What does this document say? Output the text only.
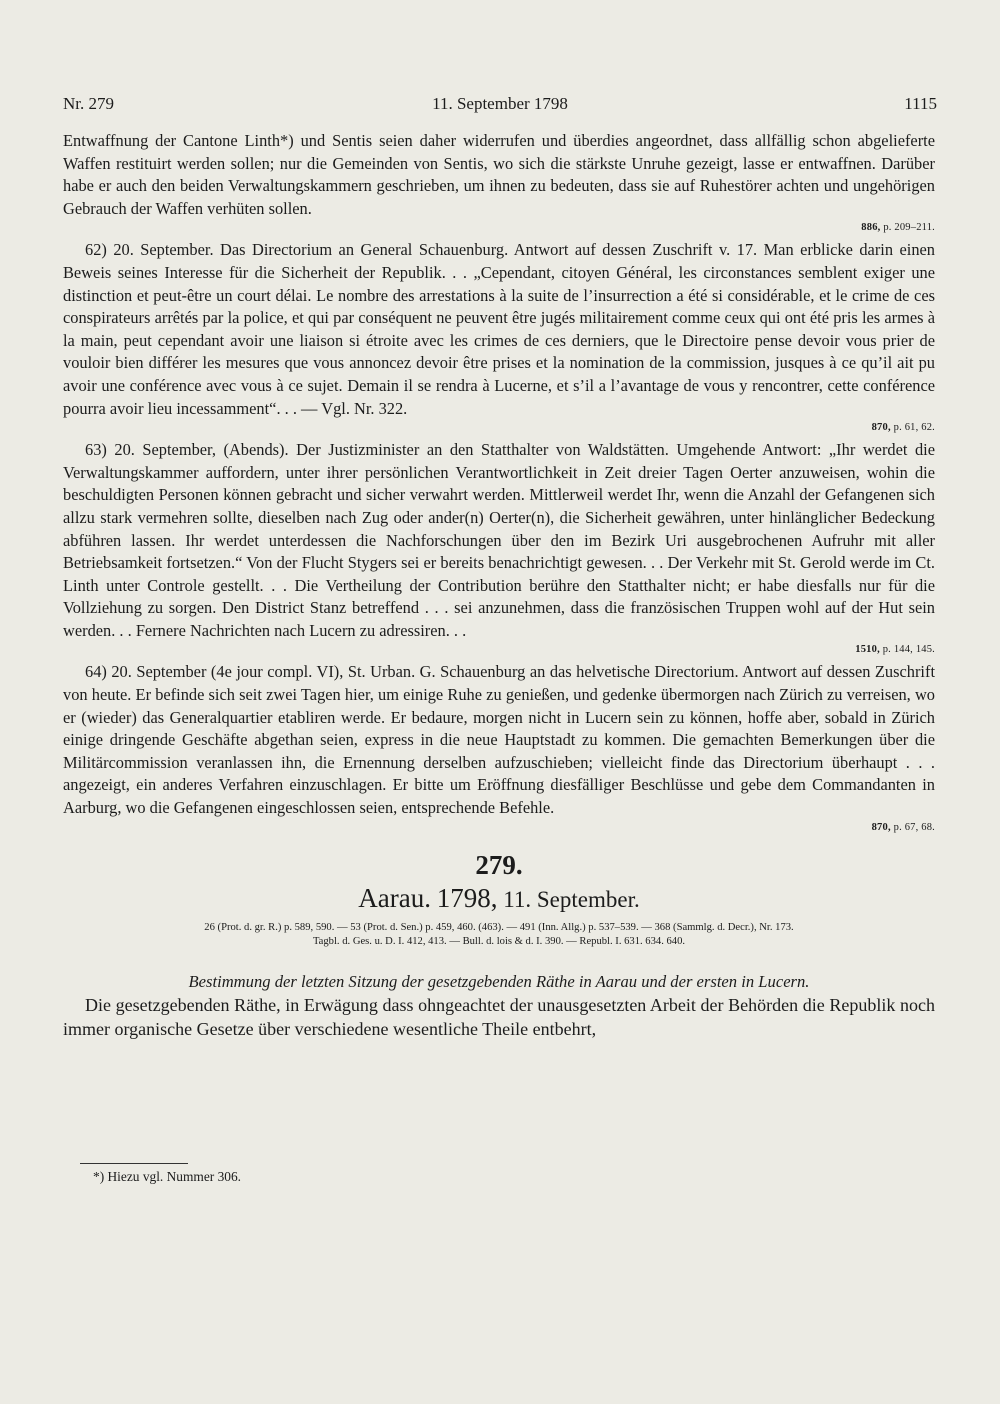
Nr. 279	11. September 1798	1115

Entwaffnung der Cantone Linth*) und Sentis seien daher widerrufen und überdies angeordnet, dass allfällig schon abgelieferte Waffen restituirt werden sollen; nur die Gemeinden von Sentis, wo sich die stärkste Unruhe gezeigt, lasse er entwaffnen. Darüber habe er auch den beiden Verwaltungskammern geschrieben, um ihnen zu bedeuten, dass sie auf Ruhestörer achten und ungehörigen Gebrauch der Waffen verhüten sollen.

886, p. 209–211.

62) 20. September. Das Directorium an General Schauenburg. Antwort auf dessen Zuschrift v. 17. Man erblicke darin einen Beweis seines Interesse für die Sicherheit der Republik. . . „Cependant, citoyen Général, les circonstances semblent exiger une distinction et peut-être un court délai. Le nombre des arrestations à la suite de l’insurrection a été si considérable, et le crime de ces conspirateurs arrêtés par la police, et qui par conséquent ne peuvent être jugés militairement comme ceux qui ont été pris les armes à la main, peut cependant avoir une liaison si étroite avec les crimes de ces derniers, que le Directoire pense devoir vous prier de vouloir bien différer les mesures que vous annoncez devoir être prises et la nomination de la commission, jusques à ce qu’il ait pu avoir une conférence avec vous à ce sujet. Demain il se rendra à Lucerne, et s’il a l’avantage de vous y rencontrer, cette conférence pourra avoir lieu incessamment“. . . — Vgl. Nr. 322.

870, p. 61, 62.

63) 20. September, (Abends). Der Justizminister an den Statthalter von Waldstätten. Umgehende Antwort: „Ihr werdet die Verwaltungskammer auffordern, unter ihrer persönlichen Verantwortlichkeit in Zeit dreier Tagen Oerter anzuweisen, wohin die beschuldigten Personen können gebracht und sicher verwahrt werden. Mittlerweil werdet Ihr, wenn die Anzahl der Gefangenen sich allzu stark vermehren sollte, dieselben nach Zug oder ander(n) Oerter(n), die Sicherheit gewähren, unter hinlänglicher Bedeckung abführen lassen. Ihr werdet unterdessen die Nachforschungen über den im Bezirk Uri ausgebrochenen Aufruhr mit aller Betriebsamkeit fortsetzen.“ Von der Flucht Stygers sei er bereits benachrichtigt gewesen. . . Der Verkehr mit St. Gerold werde im Ct. Linth unter Controle gestellt. . . Die Vertheilung der Contribution berühre den Statthalter nicht; er habe diesfalls nur für die Vollziehung zu sorgen. Den District Stanz betreffend . . . sei anzunehmen, dass die französischen Truppen wohl auf der Hut sein werden. . . Fernere Nachrichten nach Lucern zu adressiren. . .

1510, p. 144, 145.

64) 20. September (4e jour compl. VI), St. Urban. G. Schauenburg an das helvetische Directorium. Antwort auf dessen Zuschrift von heute. Er befinde sich seit zwei Tagen hier, um einige Ruhe zu genießen, und gedenke übermorgen nach Zürich zu verreisen, wo er (wieder) das Generalquartier etabliren werde. Er bedaure, morgen nicht in Lucern sein zu können, hoffe aber, sobald in Zürich einige dringende Geschäfte abgethan seien, express in die neue Hauptstadt zu kommen. Die gemachten Bemerkungen über die Militärcommission veranlassen ihn, die Ernennung derselben aufzuschieben; vielleicht finde das Directorium überhaupt . . . angezeigt, ein anderes Verfahren einzuschlagen. Er bitte um Eröffnung diesfälliger Beschlüsse und gebe dem Commandanten in Aarburg, wo die Gefangenen eingeschlossen seien, entsprechende Befehle.

870, p. 67, 68.
279.
Aarau. 1798, 11. September.
26 (Prot. d. gr. R.) p. 589, 590. — 53 (Prot. d. Sen.) p. 459, 460. (463). — 491 (Inn. Allg.) p. 537–539. — 368 (Sammlg. d. Decr.), Nr. 173.
Tagbl. d. Ges. u. D. I. 412, 413. — Bull. d. lois & d. I. 390. — Republ. I. 631. 634. 640.
Bestimmung der letzten Sitzung der gesetzgebenden Räthe in Aarau und der ersten in Lucern.

Die gesetzgebenden Räthe, in Erwägung dass ohngeachtet der unausgesetzten Arbeit der Behörden die Republik noch immer organische Gesetze über verschiedene wesentliche Theile entbehrt,

*) Hiezu vgl. Nummer 306.
